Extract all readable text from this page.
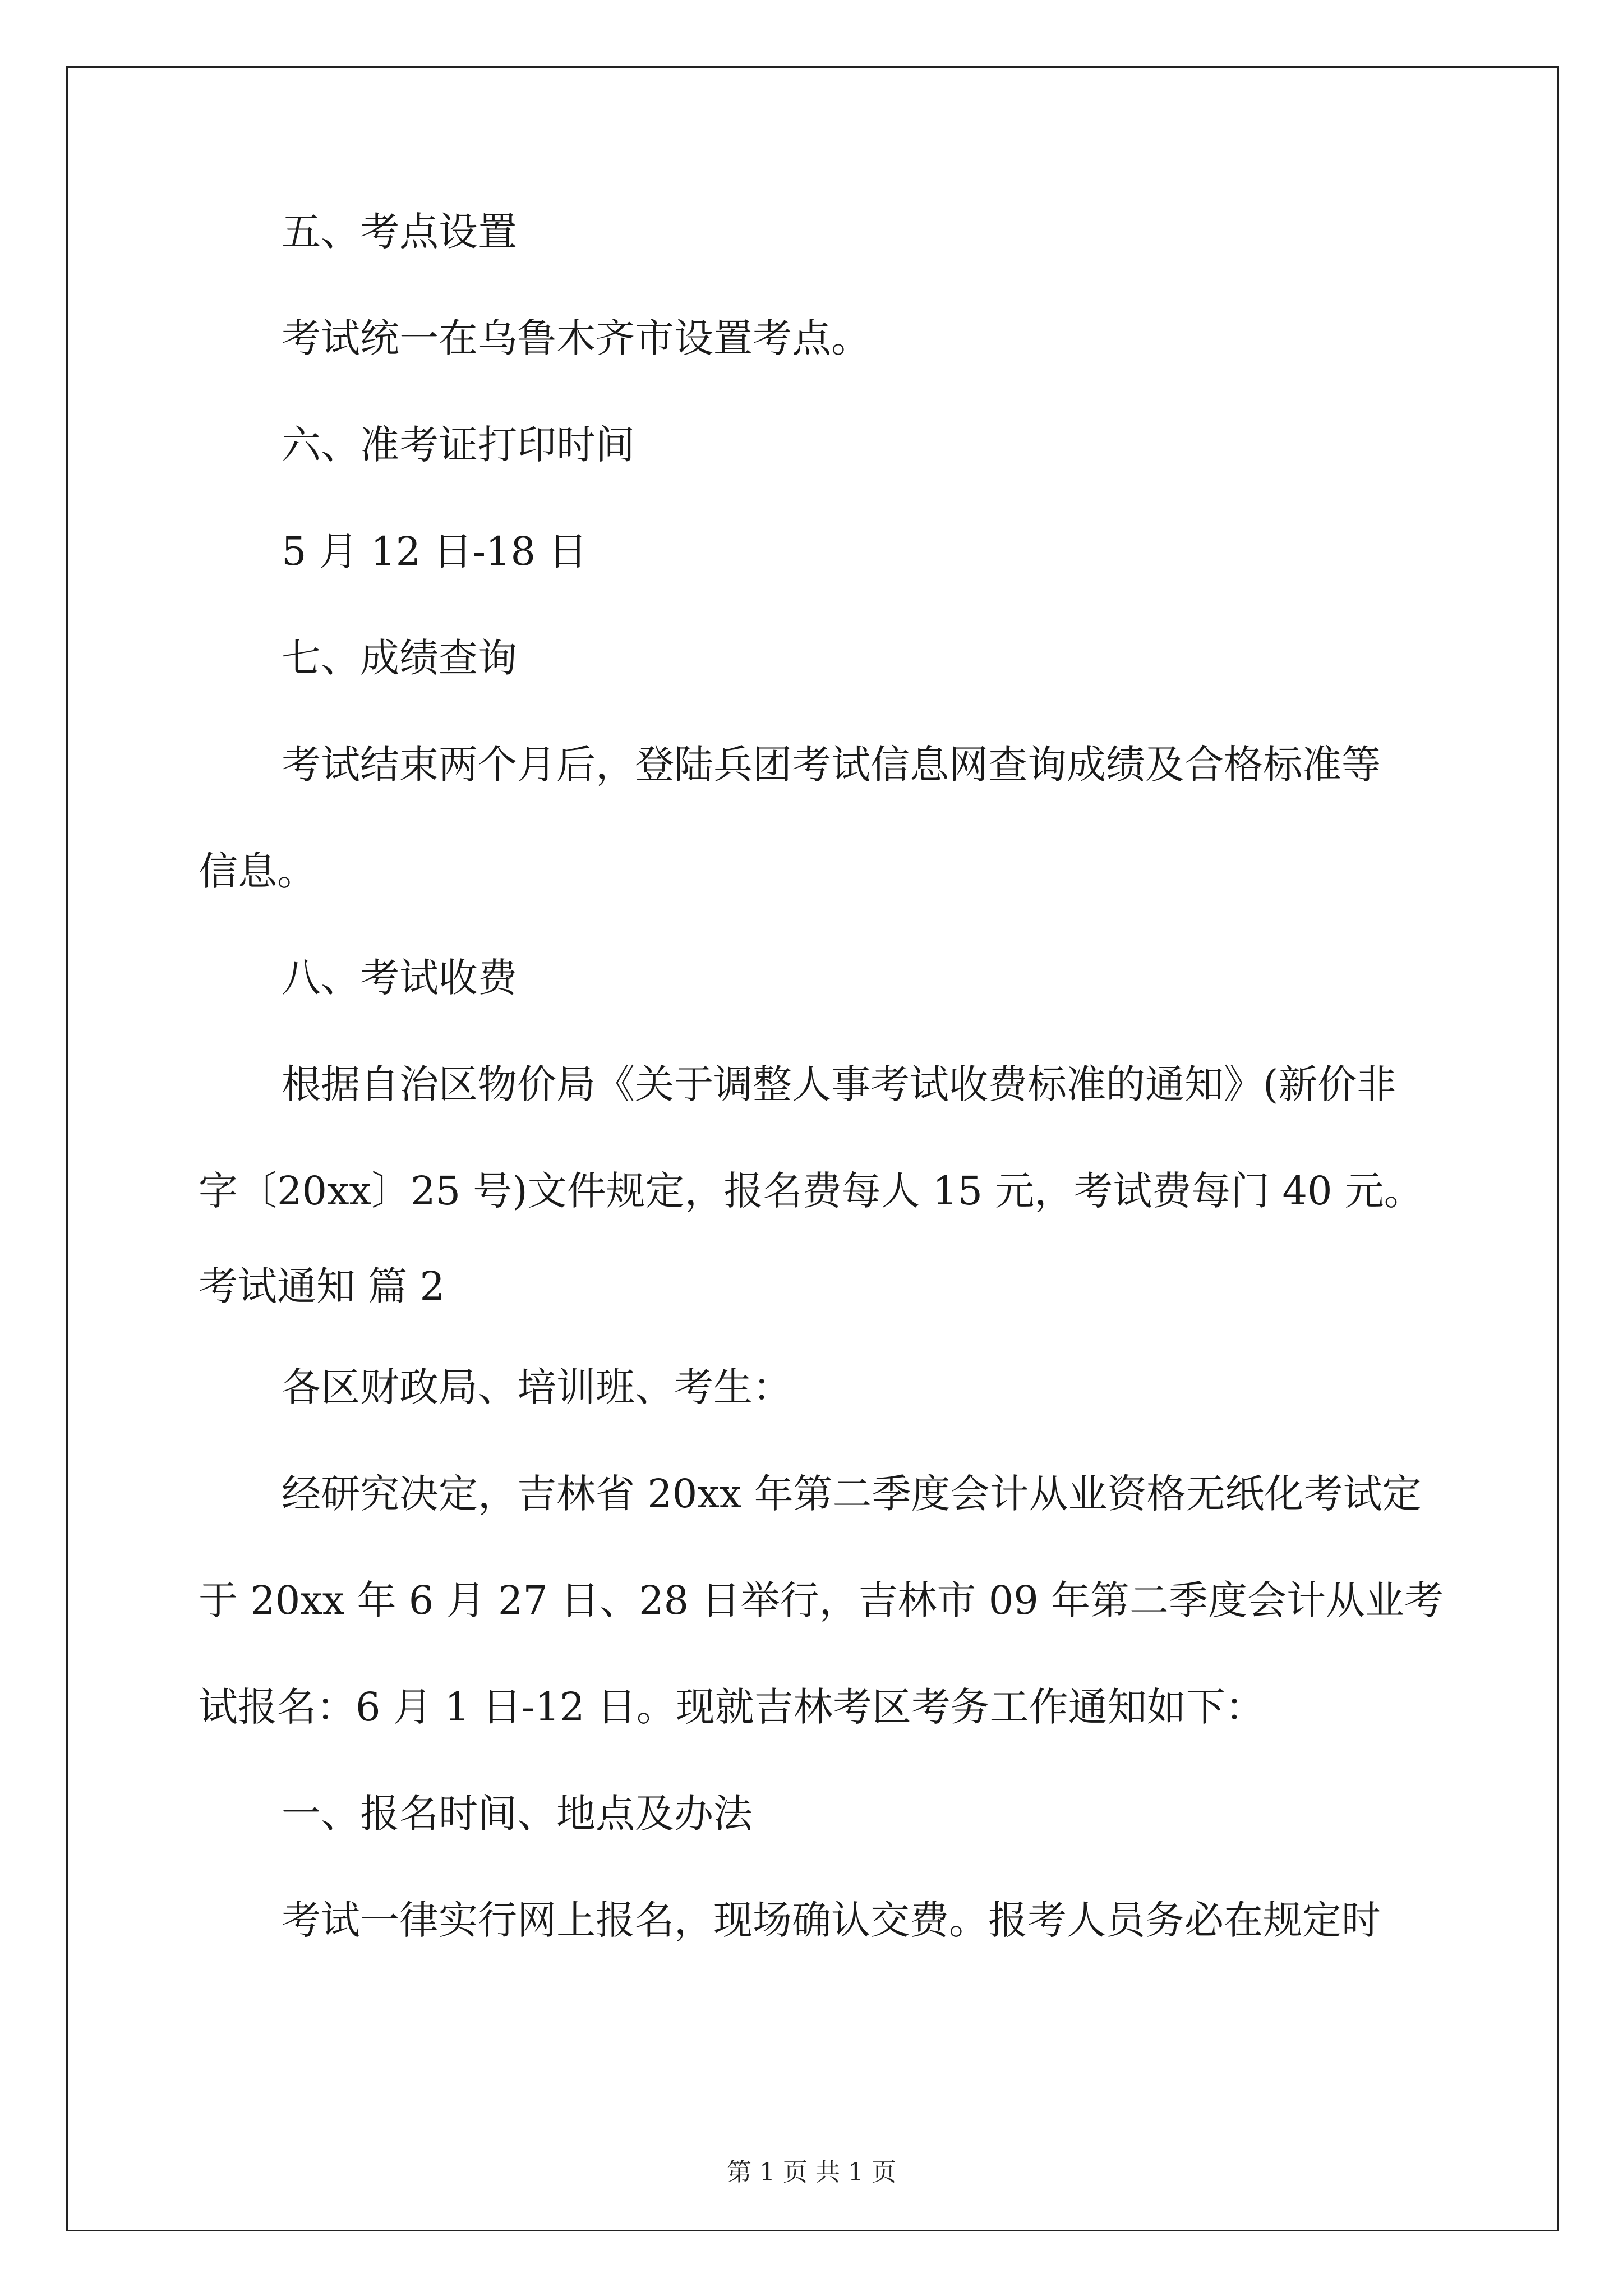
五、考点设置
考试统一在乌鲁木齐市设置考点。
六、准考证打印时间
5 月 12 日-18 日
七、成绩查询
考试结束两个月后，登陆兵团考试信息网查询成绩及合格标准等
信息。
八、考试收费
根据自治区物价局《关于调整人事考试收费标准的通知》(新价非
字〔20xx〕25 号)文件规定，报名费每人 15 元，考试费每门 40 元。
考试通知 篇 2
各区财政局、培训班、考生：
经研究决定，吉林省 20xx 年第二季度会计从业资格无纸化考试定
于 20xx 年 6 月 27 日、28 日举行，吉林市 09 年第二季度会计从业考
试报名：6 月 1 日-12 日。现就吉林考区考务工作通知如下：
一、报名时间、地点及办法
考试一律实行网上报名，现场确认交费。报考人员务必在规定时
第 1 页 共 1 页
